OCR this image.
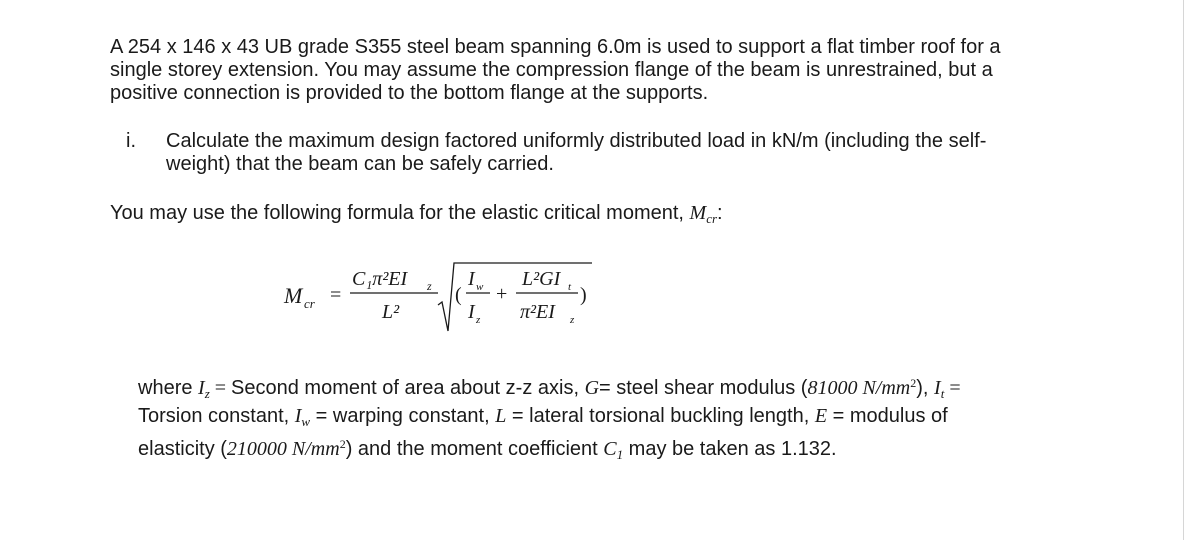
A 254 x 146 x 43 UB grade S355 steel beam spanning 6.0m is used to support a flat timber roof for a
single storey extension. You may assume the compression flange of the beam is unrestrained, but a
positive connection is provided to the bottom flange at the supports.

i. Calculate the maximum design factored uniformly distributed load in kN/m (including the self-
weight) that the beam can be safely carried.

You may use the following formula for the elastic critical moment, $M_{cr}$:

M cr =
C₁π²EI z
L²
(
I w
I z
+
L²GI t
π²EI z
)

where $I_z$ = Second moment of area about z-z axis, G= steel shear modulus (81000 $N/mm^2$), $I_t$ =
Torsion constant, $I_w$ = warping constant, L = lateral torsional buckling length, E = modulus of
elasticity (210000 $N/mm^2$) and the moment coefficient $C_1$ may be taken as 1.132.
